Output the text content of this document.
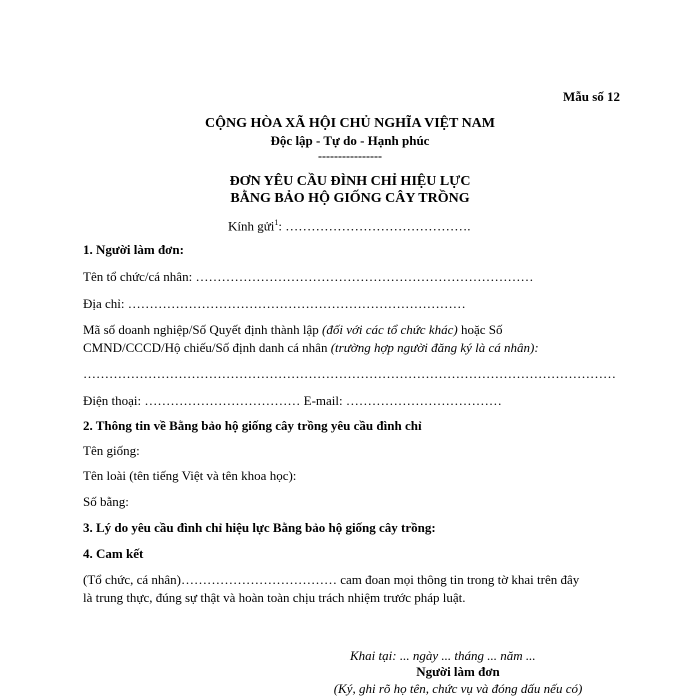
Mẫu số 12
CỘNG HÒA XÃ HỘI CHỦ NGHĨA VIỆT NAM
Độc lập - Tự do - Hạnh phúc
----------------
ĐƠN YÊU CẦU ĐÌNH CHỈ HIỆU LỰC
BẰNG BẢO HỘ GIỐNG CÂY TRỒNG
Kính gửi$^1$: …………………………………….
1. Người làm đơn:
Tên tổ chức/cá nhân: ……………………………………………………………………
Địa chỉ: ……………………………………………………………………
Mã số doanh nghiệp/Số Quyết định thành lập (đối với các tổ chức khác) hoặc Số
CMND/CCCD/Hộ chiếu/Số định danh cá nhân (trường hợp người đăng ký là cá nhân):
……………………………………………………………………………………………………………
Điện thoại: ……………………………… E-mail: ………………………………
2. Thông tin về Bằng bảo hộ giống cây trồng yêu cầu đình chỉ
Tên giống:
Tên loài (tên tiếng Việt và tên khoa học):
Số bằng:
3. Lý do yêu cầu đình chỉ hiệu lực Bằng bảo hộ giống cây trồng:
4. Cam kết
(Tổ chức, cá nhân)……………………………… cam đoan mọi thông tin trong tờ khai trên đây
là trung thực, đúng sự thật và hoàn toàn chịu trách nhiệm trước pháp luật.
Khai tại: ... ngày ... tháng ... năm ...
Người làm đơn
(Ký, ghi rõ họ tên, chức vụ và đóng dấu nếu có)
